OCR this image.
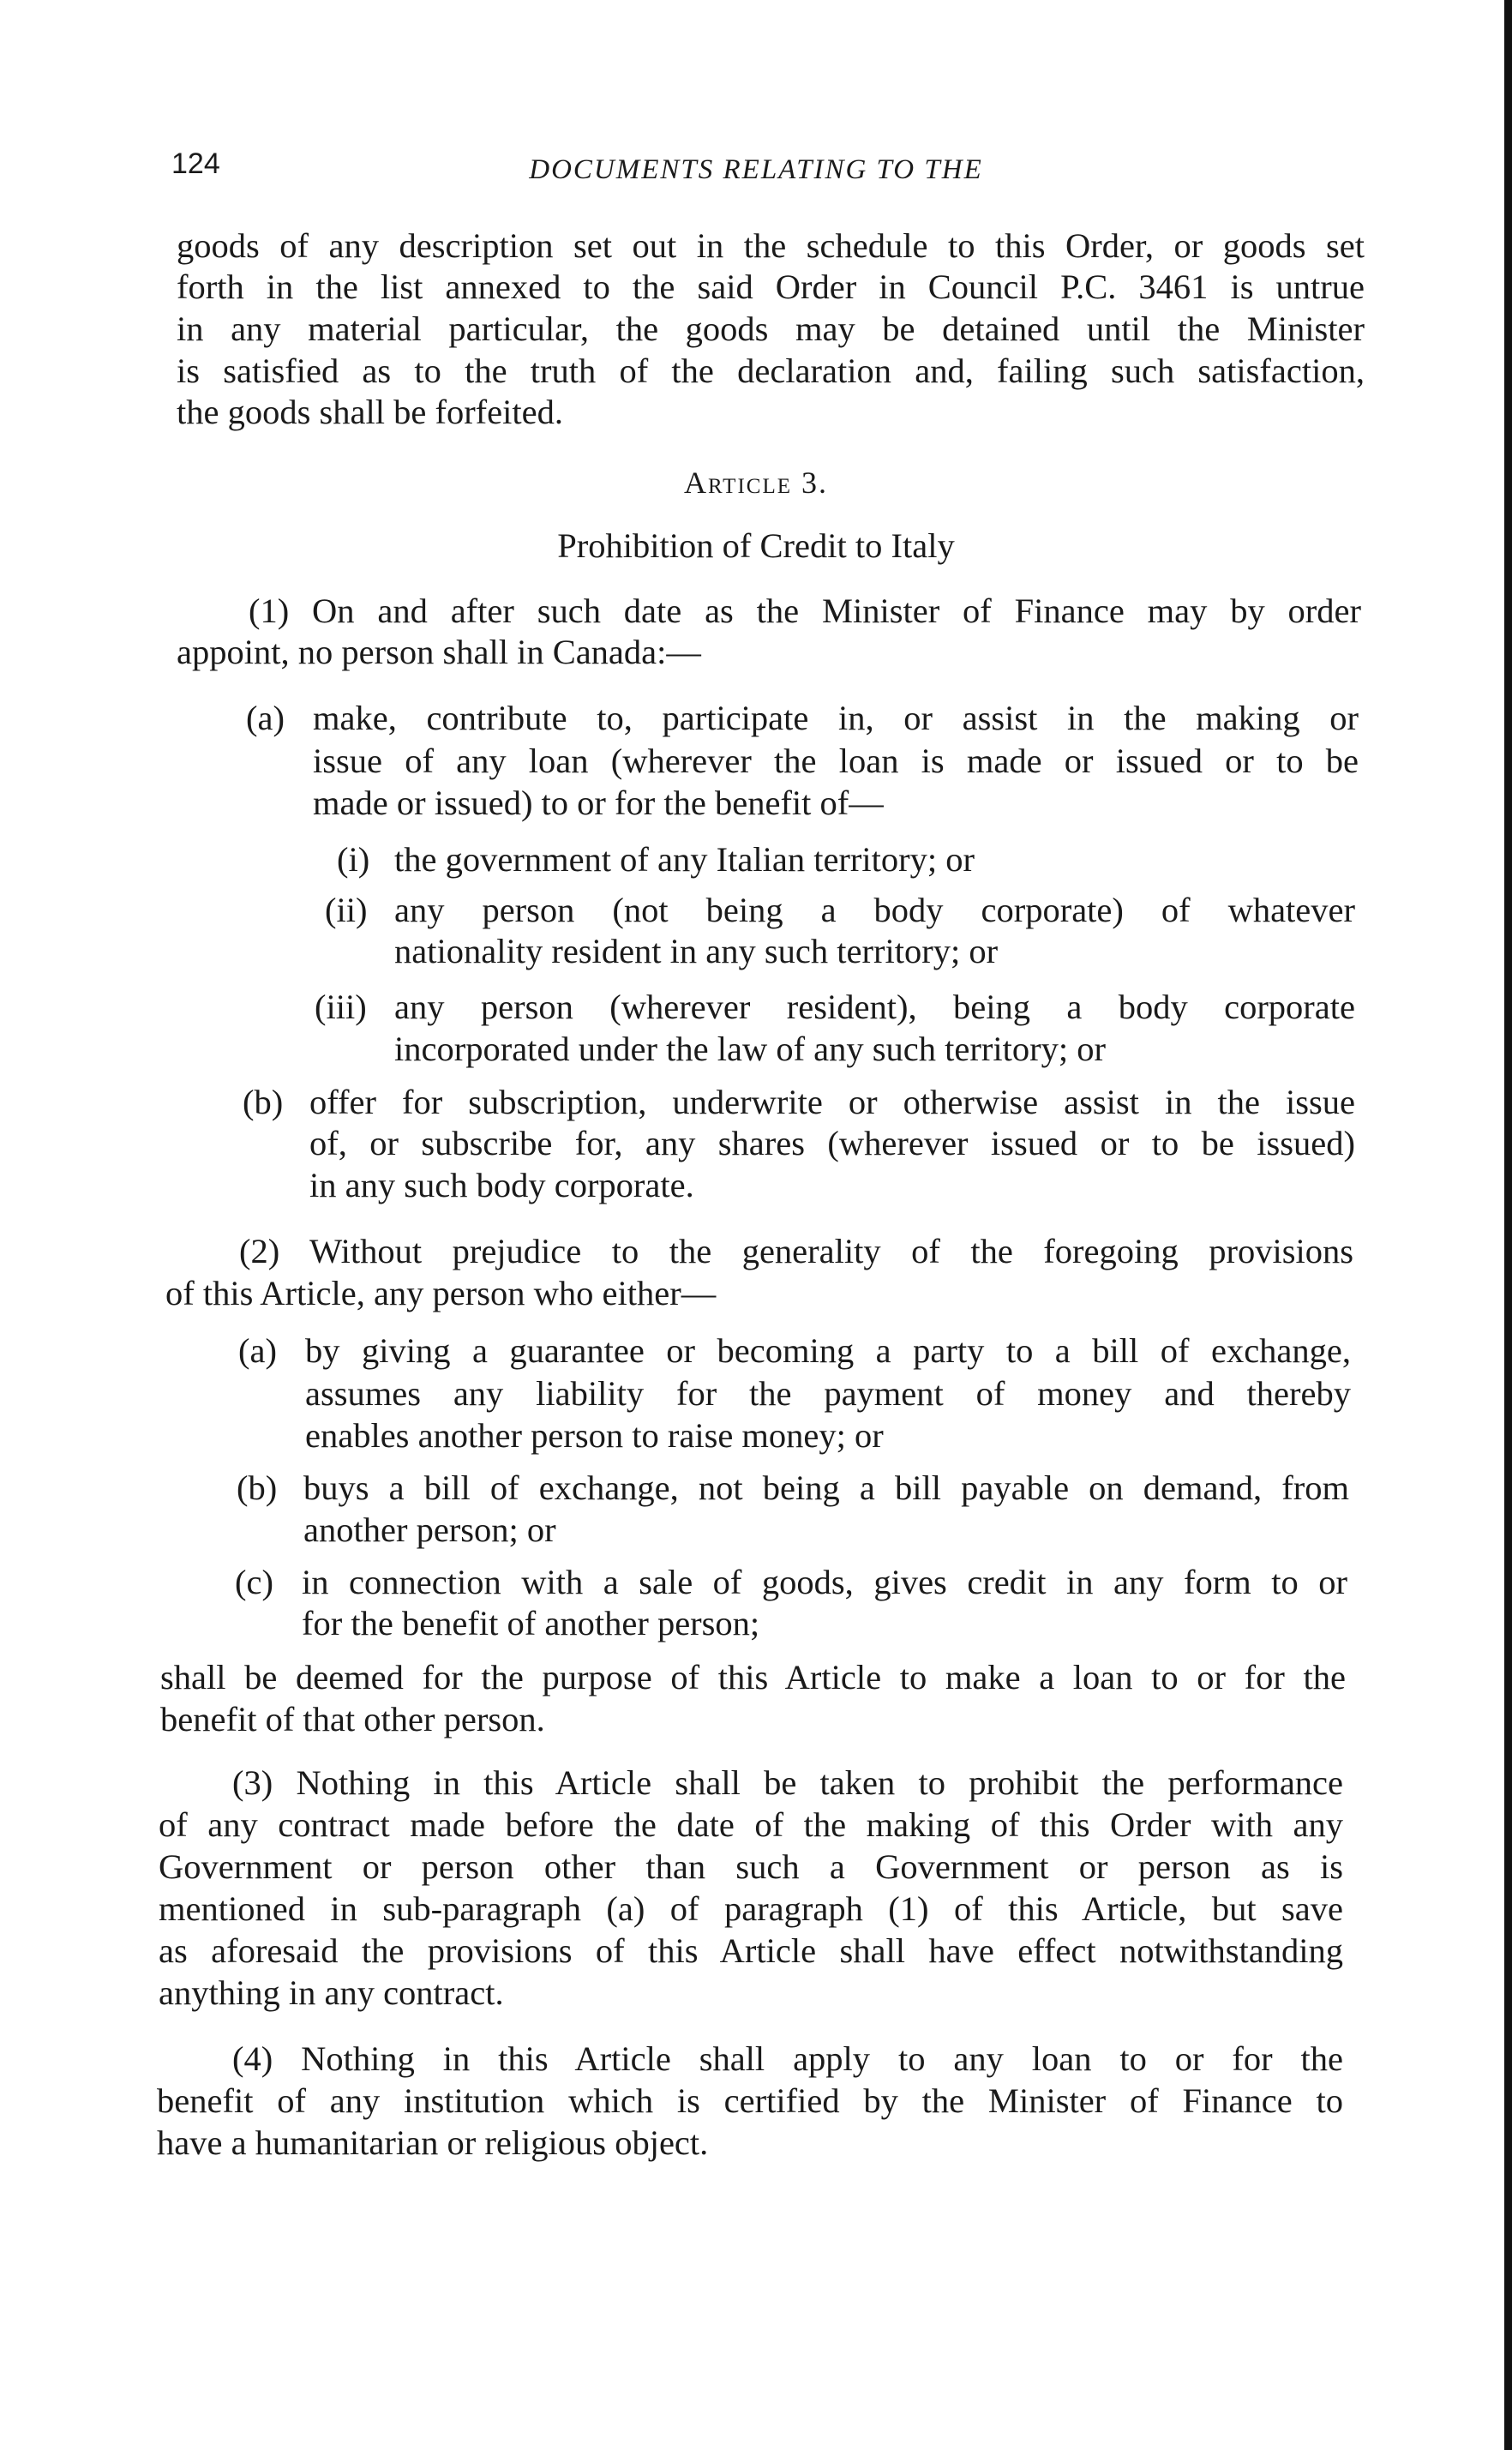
124	DOCUMENTS RELATING TO THE
goods of any description set out in the schedule to this Order, or goods set
forth in the list annexed to the said Order in Council P.C. 3461 is untrue
in any material particular, the goods may be detained until the Minister
is satisfied as to the truth of the declaration and, failing such satisfaction,
the goods shall be forfeited.
Article 3.
Prohibition of Credit to Italy
(1) On and after such date as the Minister of Finance may by order
appoint, no person shall in Canada:—
(a) make, contribute to, participate in, or assist in the making or
issue of any loan (wherever the loan is made or issued or to be
made or issued) to or for the benefit of—
(i) the government of any Italian territory; or
(ii) any person (not being a body corporate) of whatever
nationality resident in any such territory; or
(iii) any person (wherever resident), being a body corporate
incorporated under the law of any such territory; or
(b) offer for subscription, underwrite or otherwise assist in the issue
of, or subscribe for, any shares (wherever issued or to be issued)
in any such body corporate.
(2) Without prejudice to the generality of the foregoing provisions
of this Article, any person who either—
(a) by giving a guarantee or becoming a party to a bill of exchange,
assumes any liability for the payment of money and thereby
enables another person to raise money; or
(b) buys a bill of exchange, not being a bill payable on demand, from
another person; or
(c) in connection with a sale of goods, gives credit in any form to or
for the benefit of another person;
shall be deemed for the purpose of this Article to make a loan to or for the
benefit of that other person.
(3) Nothing in this Article shall be taken to prohibit the performance
of any contract made before the date of the making of this Order with any
Government or person other than such a Government or person as is
mentioned in sub-paragraph (a) of paragraph (1) of this Article, but save
as aforesaid the provisions of this Article shall have effect notwithstanding
anything in any contract.
(4) Nothing in this Article shall apply to any loan to or for the
benefit of any institution which is certified by the Minister of Finance to
have a humanitarian or religious object.
